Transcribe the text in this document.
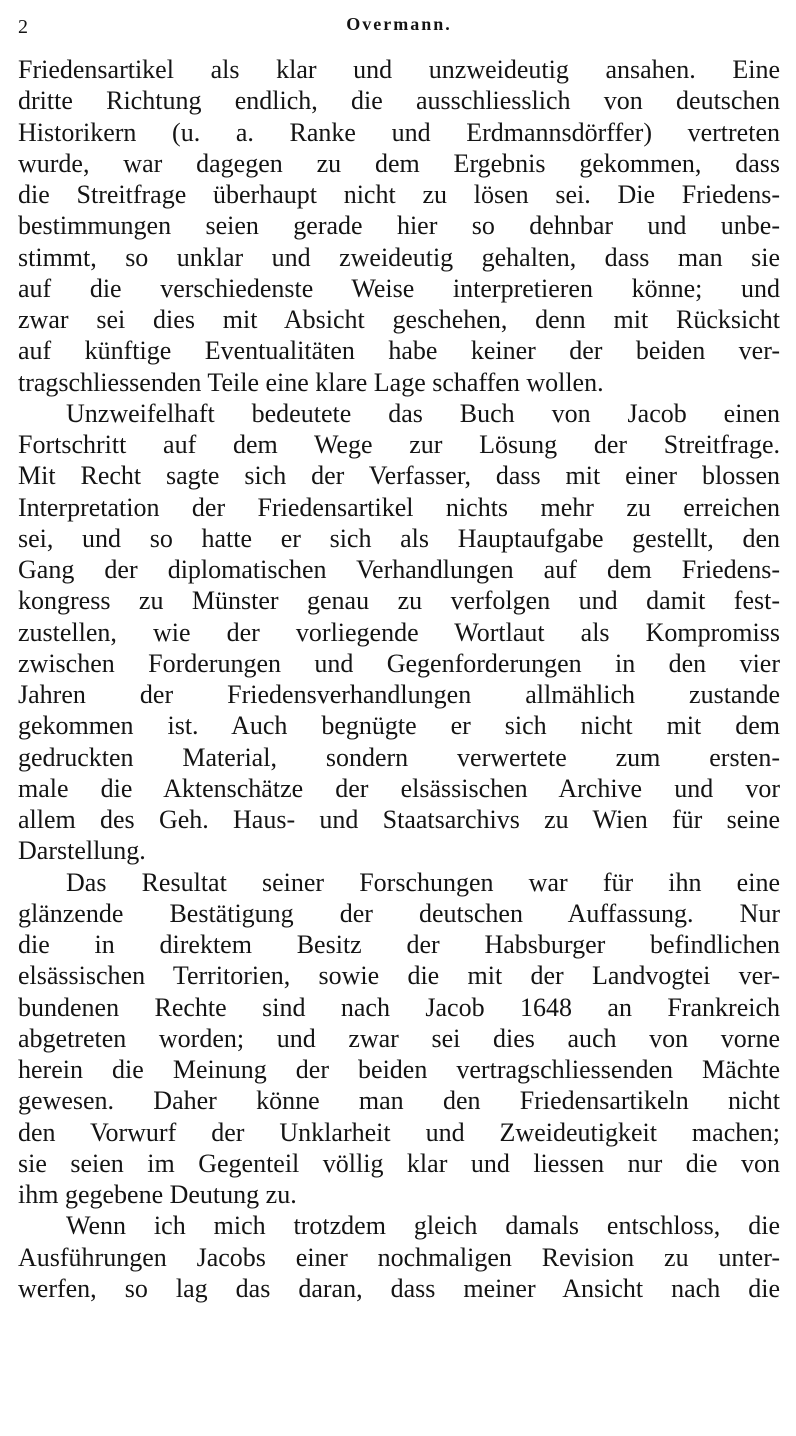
2	Overmann.
Friedensartikel als klar und unzweideutig ansahen. Eine
dritte Richtung endlich, die ausschliesslich von deutschen
Historikern (u. a. Ranke und Erdmannsdörffer) vertreten
wurde, war dagegen zu dem Ergebnis gekommen, dass
die Streitfrage überhaupt nicht zu lösen sei. Die Friedens-
bestimmungen seien gerade hier so dehnbar und unbe-
stimmt, so unklar und zweideutig gehalten, dass man sie
auf die verschiedenste Weise interpretieren könne; und
zwar sei dies mit Absicht geschehen, denn mit Rücksicht
auf künftige Eventualitäten habe keiner der beiden ver-
tragschliessenden Teile eine klare Lage schaffen wollen.
Unzweifelhaft bedeutete das Buch von Jacob einen
Fortschritt auf dem Wege zur Lösung der Streitfrage.
Mit Recht sagte sich der Verfasser, dass mit einer blossen
Interpretation der Friedensartikel nichts mehr zu erreichen
sei, und so hatte er sich als Hauptaufgabe gestellt, den
Gang der diplomatischen Verhandlungen auf dem Friedens-
kongress zu Münster genau zu verfolgen und damit fest-
zustellen, wie der vorliegende Wortlaut als Kompromiss
zwischen Forderungen und Gegenforderungen in den vier
Jahren der Friedensverhandlungen allmählich zustande
gekommen ist. Auch begnügte er sich nicht mit dem
gedruckten Material, sondern verwertete zum ersten-
male die Aktenschätze der elsässischen Archive und vor
allem des Geh. Haus- und Staatsarchivs zu Wien für seine
Darstellung.
Das Resultat seiner Forschungen war für ihn eine
glänzende Bestätigung der deutschen Auffassung. Nur
die in direktem Besitz der Habsburger befindlichen
elsässischen Territorien, sowie die mit der Landvogtei ver-
bundenen Rechte sind nach Jacob 1648 an Frankreich
abgetreten worden; und zwar sei dies auch von vorne
herein die Meinung der beiden vertragschliessenden Mächte
gewesen. Daher könne man den Friedensartikeln nicht
den Vorwurf der Unklarheit und Zweideutigkeit machen;
sie seien im Gegenteil völlig klar und liessen nur die von
ihm gegebene Deutung zu.
Wenn ich mich trotzdem gleich damals entschloss, die
Ausführungen Jacobs einer nochmaligen Revision zu unter-
werfen, so lag das daran, dass meiner Ansicht nach die
